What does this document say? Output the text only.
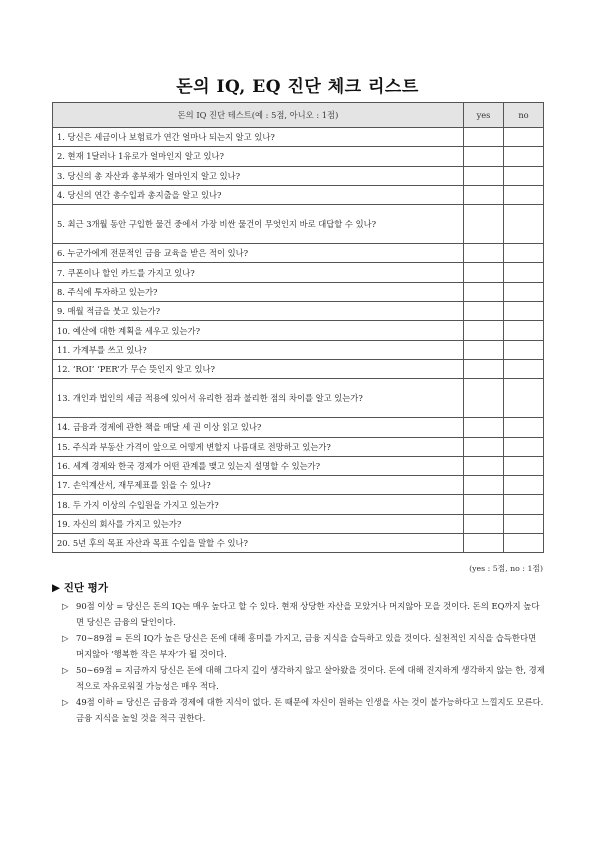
돈의 IQ, EQ 진단 체크 리스트
돈의 IQ 진단 테스트(예 : 5점, 아니오 : 1점)	yes	no
1. 당신은 세금이나 보험료가 연간 얼마나 되는지 알고 있나?		
2. 현재 1달러나 1유로가 얼마인지 알고 있나?		
3. 당신의 총 자산과 총부채가 얼마인지 알고 있나?		
4. 당신의 연간 총수입과 총지출을 알고 있나?		
5. 최근 3개월 동안 구입한 물건 중에서 가장 비싼 물건이 무엇인지 바로 대답할 수 있나?		
6. 누군가에게 전문적인 금융 교육을 받은 적이 있나?		
7. 쿠폰이나 할인 카드를 가지고 있나?		
8. 주식에 투자하고 있는가?		
9. 매월 적금을 붓고 있는가?		
10. 예산에 대한 계획을 세우고 있는가?		
11. 가계부를 쓰고 있나?		
12. ‘ROI’ ‘PER’가 무슨 뜻인지 알고 있나?		
13. 개인과 법인의 세금 적용에 있어서 유리한 점과 불리한 점의 차이를 알고 있는가?		
14. 금융과 경제에 관한 책을 매달 세 권 이상 읽고 있나?		
15. 주식과 부동산 가격이 앞으로 어떻게 변할지 나름대로 전망하고 있는가?		
16. 세계 경제와 한국 경제가 어떤 관계를 맺고 있는지 설명할 수 있는가?		
17. 손익계산서, 재무제표를 읽을 수 있나?		
18. 두 가지 이상의 수입원을 가지고 있는가?		
19. 자신의 회사를 가지고 있는가?		
20. 5년 후의 목표 자산과 목표 수입을 말할 수 있나?		
(yes : 5점, no : 1점)
▶ 진단 평가

▷ 90점 이상 = 당신은 돈의 IQ는 매우 높다고 할 수 있다. 현재 상당한 자산을 모았거나 머지않아 모을 것이다. 돈의 EQ까지 높다면 당신은 금융의 달인이다.

▷ 70∼89점 = 돈의 IQ가 높은 당신은 돈에 대해 흥미를 가지고, 금융 지식을 습득하고 있을 것이다. 실천적인 지식을 습득한다면 머지않아 ‘행복한 작은 부자’가 될 것이다.

▷ 50∼69점 = 지금까지 당신은 돈에 대해 그다지 깊이 생각하지 않고 살아왔을 것이다. 돈에 대해 진지하게 생각하지 않는 한, 경제적으로 자유로워질 가능성은 매우 적다.

▷ 49점 이하 = 당신은 금융과 경제에 대한 지식이 없다. 돈 때문에 자신이 원하는 인생을 사는 것이 불가능하다고 느낄지도 모른다. 금융 지식을 높일 것을 적극 권한다.
